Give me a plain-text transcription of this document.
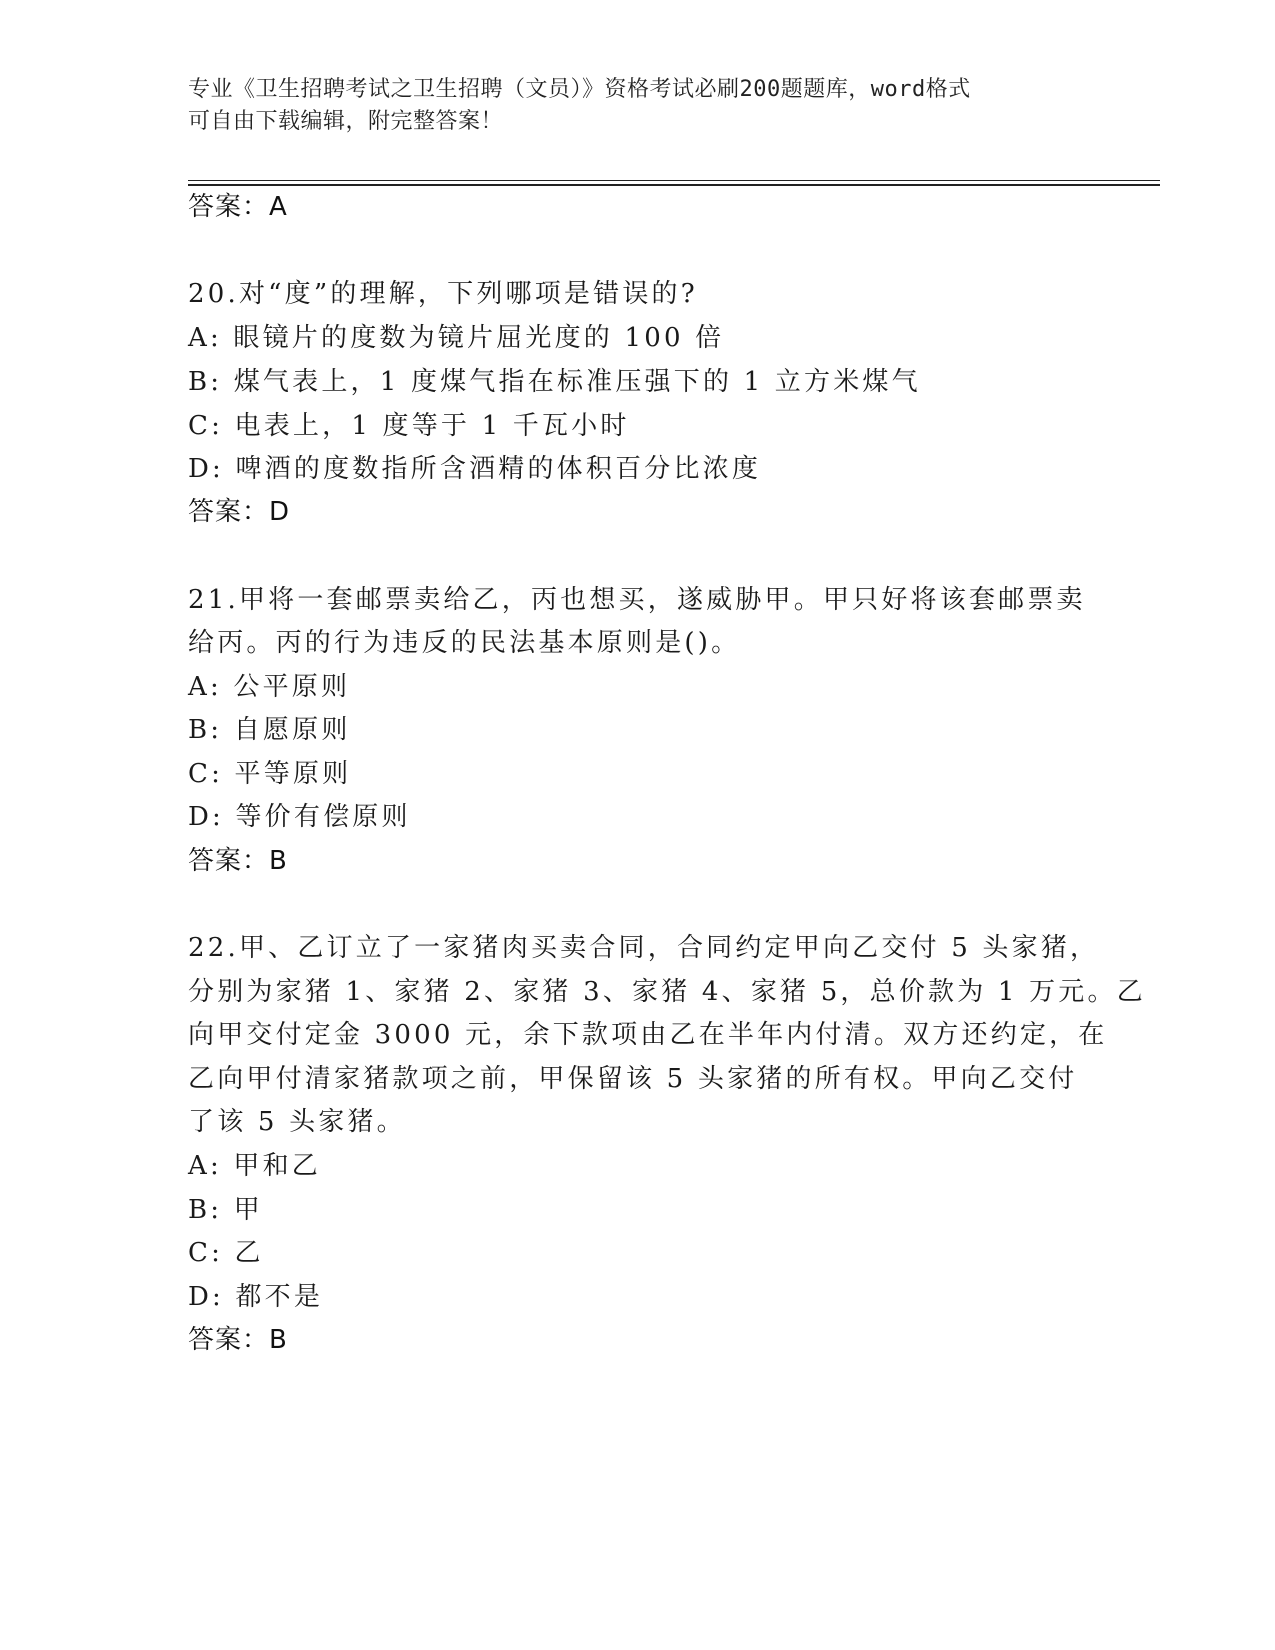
专业《卫生招聘考试之卫生招聘（文员）》资格考试必刷200题题库，word格式

可自由下载编辑，附完整答案！

答案：A
20.对“度”的理解，下列哪项是错误的?
A: 眼镜片的度数为镜片屈光度的 100 倍
B: 煤气表上，1 度煤气指在标准压强下的 1 立方米煤气
C: 电表上，1 度等于 1 千瓦小时
D: 啤酒的度数指所含酒精的体积百分比浓度
答案：D
21.甲将一套邮票卖给乙，丙也想买，遂威胁甲。甲只好将该套邮票卖
给丙。丙的行为违反的民法基本原则是()。
A: 公平原则
B: 自愿原则
C: 平等原则
D: 等价有偿原则
答案：B
22.甲、乙订立了一家猪肉买卖合同，合同约定甲向乙交付 5 头家猪，
分别为家猪 1、家猪 2、家猪 3、家猪 4、家猪 5，总价款为 1 万元。乙
向甲交付定金 3000 元，余下款项由乙在半年内付清。双方还约定，在
乙向甲付清家猪款项之前，甲保留该 5 头家猪的所有权。甲向乙交付
了该 5 头家猪。
A: 甲和乙
B: 甲
C: 乙
D: 都不是
答案：B
